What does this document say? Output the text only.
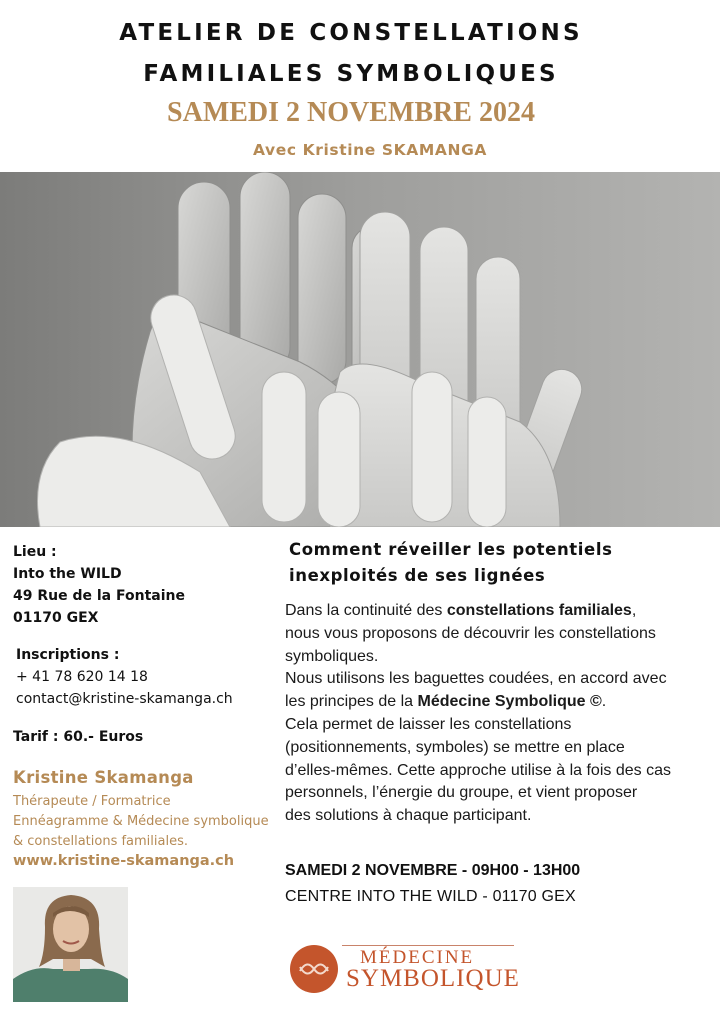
ATELIER DE CONSTELLATIONS
FAMILIALES SYMBOLIQUES
SAMEDI 2 NOVEMBRE 2024
Avec Kristine SKAMANGA
Lieu :
Into the WILD
49 Rue de la Fontaine
01170 GEX
Inscriptions :
+ 41 78 620 14 18
contact@kristine-skamanga.ch
Tarif : 60.- Euros
Kristine Skamanga
Thérapeute / Formatrice
Ennéagramme & Médecine symbolique
& constellations familiales.
www.kristine-skamanga.ch
Comment réveiller les potentiels
inexploités de ses lignées
Dans la continuité des constellations familiales,
nous vous proposons de découvrir les constellations
symboliques.
Nous utilisons les baguettes coudées, en accord avec
les principes de la Médecine Symbolique ©.
Cela permet de laisser les constellations
(positionnements, symboles) se mettre en place
d’elles-mêmes. Cette approche utilise à la fois des cas
personnels, l’énergie du groupe, et vient proposer
des solutions à chaque participant.
SAMEDI 2 NOVEMBRE - 09H00 - 13H00
CENTRE INTO THE WILD - 01170 GEX
MÉDECINE
SYMBOLIQUE
